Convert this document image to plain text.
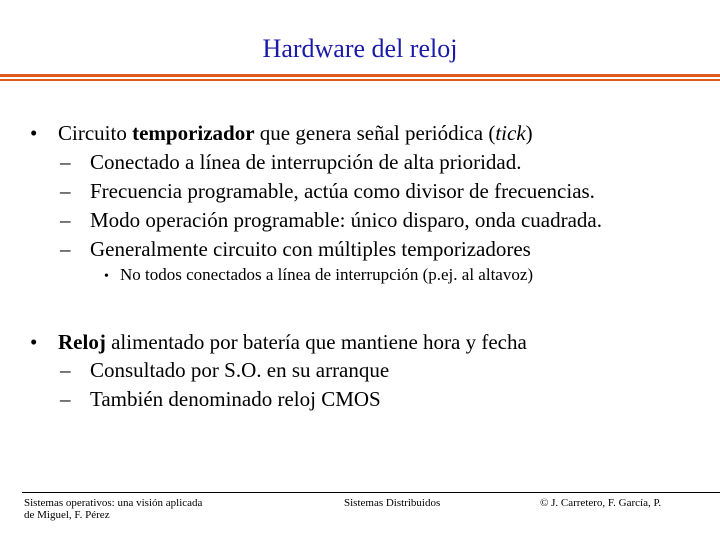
Hardware del reloj
• Circuito temporizador que genera señal periódica (tick)
– Conectado a línea de interrupción de alta prioridad.
– Frecuencia programable, actúa como divisor de frecuencias.
– Modo operación programable: único disparo, onda cuadrada.
– Generalmente circuito con múltiples temporizadores
• No todos conectados a línea de interrupción (p.ej. al altavoz)
• Reloj alimentado por batería que mantiene hora y fecha
– Consultado por S.O. en su arranque
– También denominado reloj CMOS
Sistemas operativos: una visión aplicada
de Miguel, F. Pérez
Sistemas Distribuidos	© J. Carretero, F. García, P.
